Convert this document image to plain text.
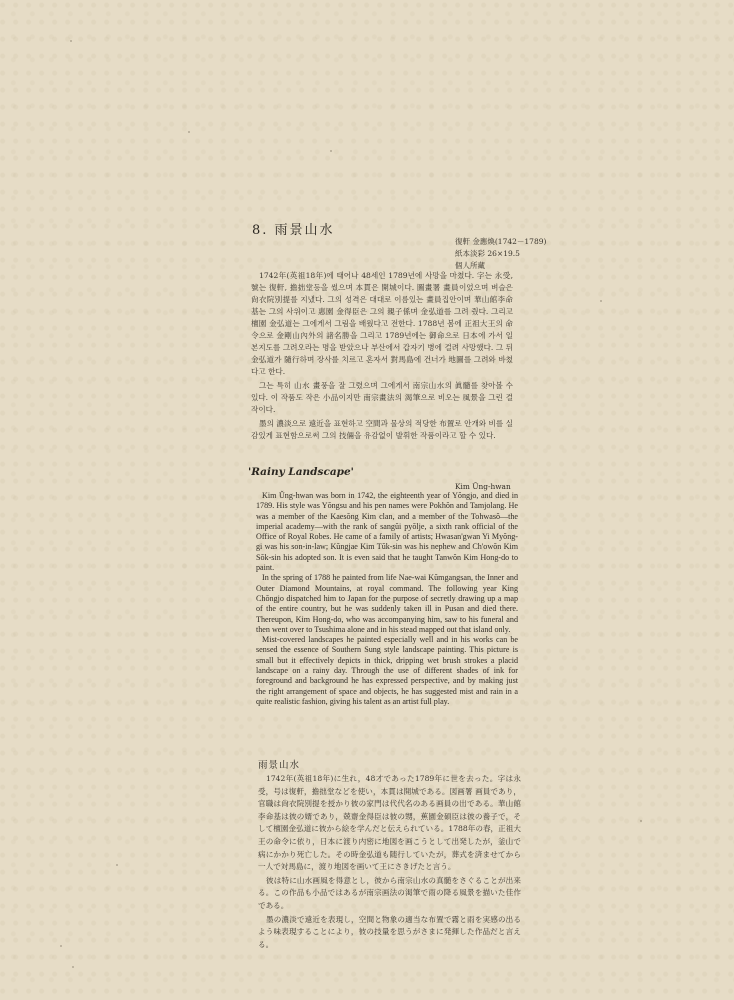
8. 雨景山水
復軒 金應煥(1742－1789)
紙本淡彩 26×19.5
個人所藏

1742年(英祖18年)에 태어나 48세인 1789년에 사망을 마쳤다. 字는 永受, 號는 復軒, 擔拙堂등을 썼으며 本貫은 開城이다. 圖畫署 畫員이었으며 벼슬은 尙衣院別提를 지냈다. 그의 성격은 대대로 이름있는 畫員집안이며 華山館李命基는 그의 사위이고 惠園 金得臣은 그의 親子係며 金弘道를 그려 줬다. 그리고 檀園 金弘道는 그에게서 그림을 배웠다고 전한다. 1788년 봄에 正祖大王의 命令으로 金剛山內外의 諸名勝을 그리고 1789년에는 御命으로 日本에 가서 일본지도를 그려오라는 명을 받았으나 부산에서 갑자기 병에 걸려 사망했다. 그 뒤 金弘道가 隨行하며 장사를 치르고 혼자서 對馬島에 건너가 地圖를 그려와 바쳤다고 한다.

그는 특히 山水 畫풍을 잘 그렸으며 그에게서 南宗山水의 眞髓를 찾아볼 수 있다. 이 작품도 작은 小品이지만 南宗畫法의 渴筆으로 비오는 風景을 그린 걸작이다.

墨의 濃淡으로 遠近을 표현하고 空間과 물상의 적당한 布置로 안개와 비를 실감있게 표현함으로써 그의 技倆을 유감없이 발휘한 작품이라고 할 수 있다.

'Rainy Landscape'
Kim Ŭng-hwan

Kim Ŭng-hwan was born in 1742, the eighteenth year of Yŏngjo, and died in 1789. His style was Yŏngsu and his pen names were Pokhŏn and Tamjolang. He was a member of the Kaesŏng Kim clan, and a member of the Tohwasŏ—the imperial academy—with the rank of sangŭi pyŏlje, a sixth rank official of the Office of Royal Robes. He came of a family of artists; Hwasan'gwan Yi Myŏng-gi was his son-in-law; Kŭngjae Kim Tŭk-sin was his nephew and Ch'owŏn Kim Sŏk-sin his adopted son. It is even said that he taught Tanwŏn Kim Hong-do to paint.

In the spring of 1788 he painted from life Nae-wai Kŭmgangsan, the Inner and Outer Diamond Mountains, at royal command. The following year King Chŏngjo dispatched him to Japan for the purpose of secretly drawing up a map of the entire country, but he was suddenly taken ill in Pusan and died there. Thereupon, Kim Hong-do, who was accompanying him, saw to his funeral and then went over to Tsushima alone and in his stead mapped out that island only.

Mist-covered landscapes he painted especially well and in his works can be sensed the essence of Southern Sung style landscape painting. This picture is small but it effectively depicts in thick, dripping wet brush strokes a placid landscape on a rainy day. Through the use of different shades of ink for foreground and background he has expressed perspective, and by making just the right arrangement of space and objects, he has suggested mist and rain in a quite realistic fashion, giving his talent as an artist full play.

雨景山水

1742年(英祖18年)に生れ，48才であった1789年に世を去った。字は永受，号は復軒，擔拙堂などを使い，本貫は開城である。図画署 画員であり，官職は尙衣院別提を授かり彼の家門は代代名のある画員の出である。華山館李命基は彼の婿であり，兢齋金得臣は彼の甥，蕉園金碩臣は彼の養子で，そして檀園金弘道に彼から絵を学んだと伝えられている。1788年の春，正祖大王の命令に依り，日本に渡り内密に地図を画こうとして出発したが，釜山で病にかかり死亡した。その時金弘道も随行していたが，葬式を済ませてから一人で対馬島に，渡り地図を画いて王にさきげたと言う。

彼は特に山水画風を得意とし，彼から南宗山水の真髄をさぐることが出来る。この作品も小品ではあるが南宗画法の渇筆で雨の降る風景を描いた佳作である。

墨の濃淡で遠近を表現し，空間と物象の適当な布置で霧と雨を実感の出るよう味表現することにより，彼の技量を思うがさまに発揮した作品だと言える。
